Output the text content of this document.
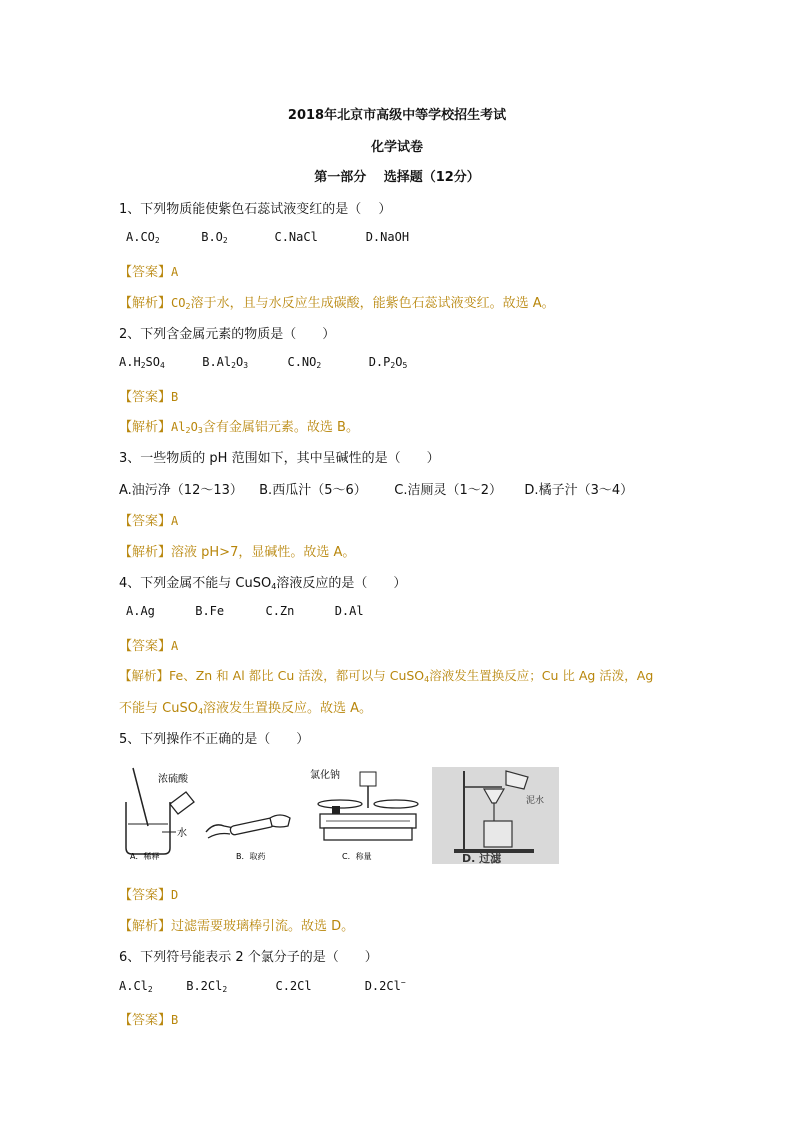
2018年北京市高级中等学校招生考试
化学试卷
第一部分　 选择题（12分）
1、下列物质能使紫色石蕊试液变红的是（　 ）
$A.CO_2$	$B.O_2$	C.NaCl	D.NaOH
【答案】A
【解析】$CO_2$溶于水，且与水反应生成碳酸，能紫色石蕊试液变红。故选 A。
2、下列含金属元素的物质是（　　）
$A.H_2SO_4$	$B.Al_2O_3$	$C.NO_2$	$D.P_2O_5$
【答案】B
【解析】$Al_2O_3$含有金属铝元素。故选 B。
3、一些物质的 pH 范围如下，其中呈碱性的是（　　）
A.油污净（12～13） B.西瓜汁（5～6） C.洁厕灵（1～2） D.橘子汁（3～4）
【答案】A
【解析】溶液 pH>7，显碱性。故选 A。
4、下列金属不能与 CuSO$_4$溶液反应的是（　　）
A.Ag	B.Fe	C.Zn	D.Al
【答案】A
【解析】Fe、Zn 和 Al 都比 Cu 活泼，都可以与 CuSO$_4$溶液发生置换反应；Cu 比 Ag 活泼，Ag
不能与 CuSO$_4$溶液发生置换反应。故选 A。
5、下列操作不正确的是（　　）
浓硫酸
水
A．稀释	B．取药
氯化钠
C．称量
泥水
D. 过滤
【答案】D
【解析】过滤需要玻璃棒引流。故选 D。
6、下列符号能表示 2 个氯分子的是（　　）
$A.Cl_2$	$B.2Cl_2$	C.2Cl	D.2Cl−
【答案】B
